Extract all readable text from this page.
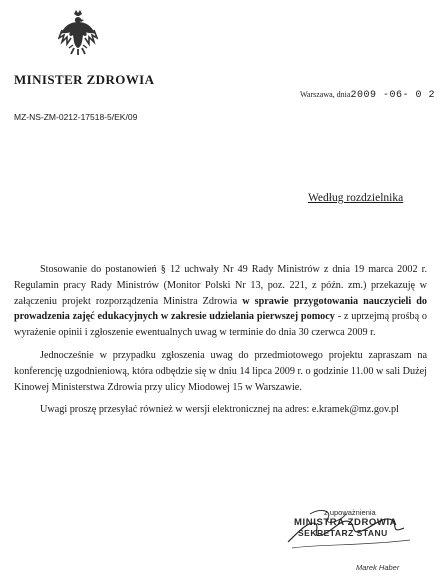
MINISTER ZDROWIA
Warszawa, dnia2009 -06- 0 2
MZ-NS-ZM-0212-17518-5/EK/09
Według rozdzielnika

Stosowanie do postanowień § 12 uchwały Nr 49 Rady Ministrów z dnia 19 marca 2002 r. Regulamin pracy Rady Ministrów (Monitor Polski Nr 13, poz. 221, z późn. zm.) przekazuję w załączeniu projekt rozporządzenia Ministra Zdrowia w sprawie przygotowania nauczycieli do prowadzenia zajęć edukacyjnych w zakresie udzielania pierwszej pomocy - z uprzejmą prośbą o wyrażenie opinii i zgłoszenie ewentualnych uwag w terminie do dnia 30 czerwca 2009 r.

Jednocześnie w przypadku zgłoszenia uwag do przedmiotowego projektu zapraszam na konferencję uzgodnieniową, która odbędzie się w dniu 14 lipca 2009 r. o godzinie 11.00 w sali Dużej Kinowej Ministerstwa Zdrowia przy ulicy Miodowej 15 w Warszawie.

Uwagi proszę przesyłać również w wersji elektronicznej na adres: e.kramek@mz.gov.pl

z upoważnienia
MINISTRA ZDROWIA
SEKRETARZ STANU
Marek Haber
